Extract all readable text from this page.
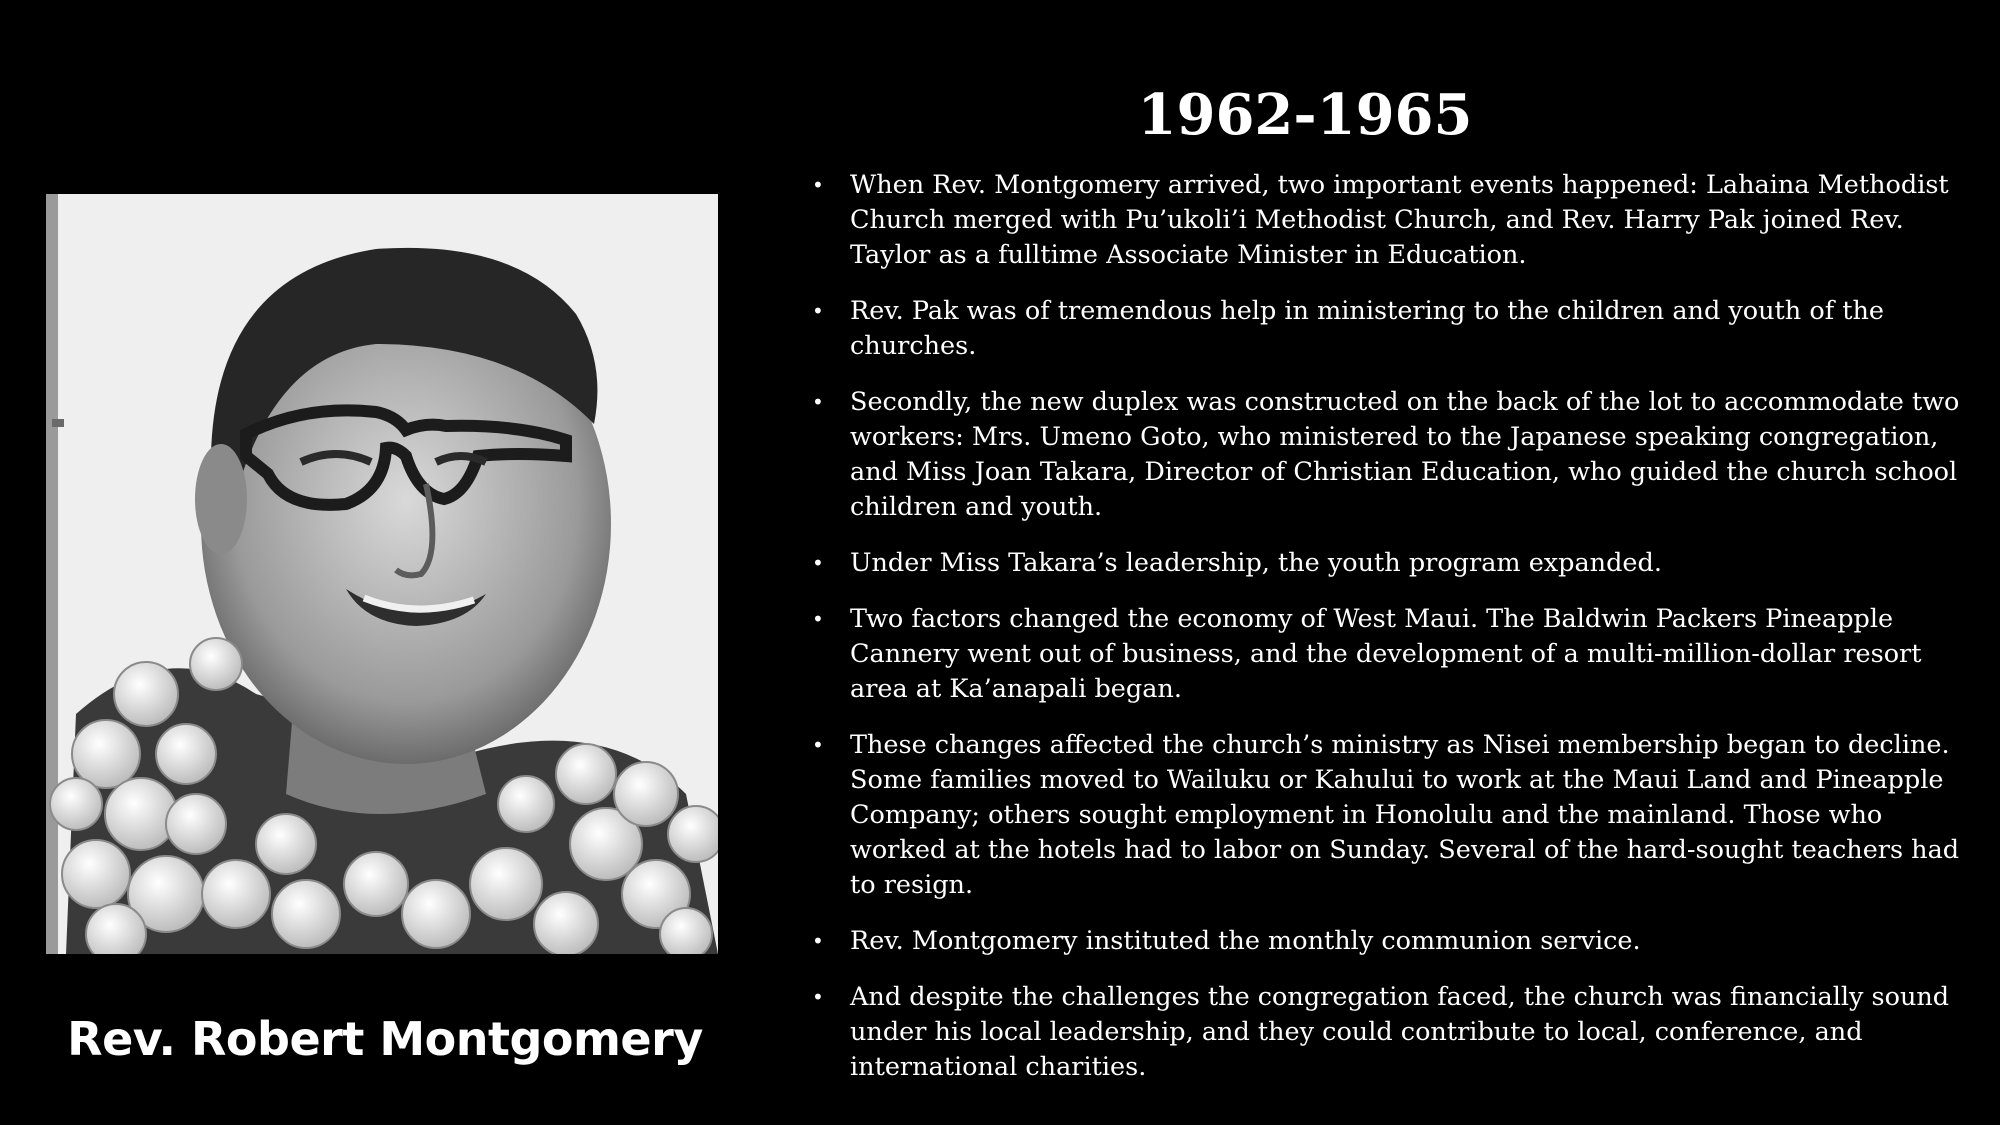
Rev. Robert Montgomery
1962-1965
• When Rev. Montgomery arrived, two important events happened: Lahaina Methodist Church merged with Pu’ukoli’i Methodist Church, and Rev. Harry Pak joined Rev. Taylor as a fulltime Associate Minister in Education.
• Rev. Pak was of tremendous help in ministering to the children and youth of the churches.
• Secondly, the new duplex was constructed on the back of the lot to accommodate two workers: Mrs. Umeno Goto, who ministered to the Japanese speaking congregation, and Miss Joan Takara, Director of Christian Education, who guided the church school children and youth.
• Under Miss Takara’s leadership, the youth program expanded.
• Two factors changed the economy of West Maui. The Baldwin Packers Pineapple Cannery went out of business, and the development of a multi-million-dollar resort area at Ka’anapali began.
• These changes affected the church’s ministry as Nisei membership began to decline. Some families moved to Wailuku or Kahului to work at the Maui Land and Pineapple Company; others sought employment in Honolulu and the mainland. Those who worked at the hotels had to labor on Sunday. Several of the hard-sought teachers had to resign.
• Rev. Montgomery instituted the monthly communion service.
• And despite the challenges the congregation faced, the church was financially sound under his local leadership, and they could contribute to local, conference, and international charities.
